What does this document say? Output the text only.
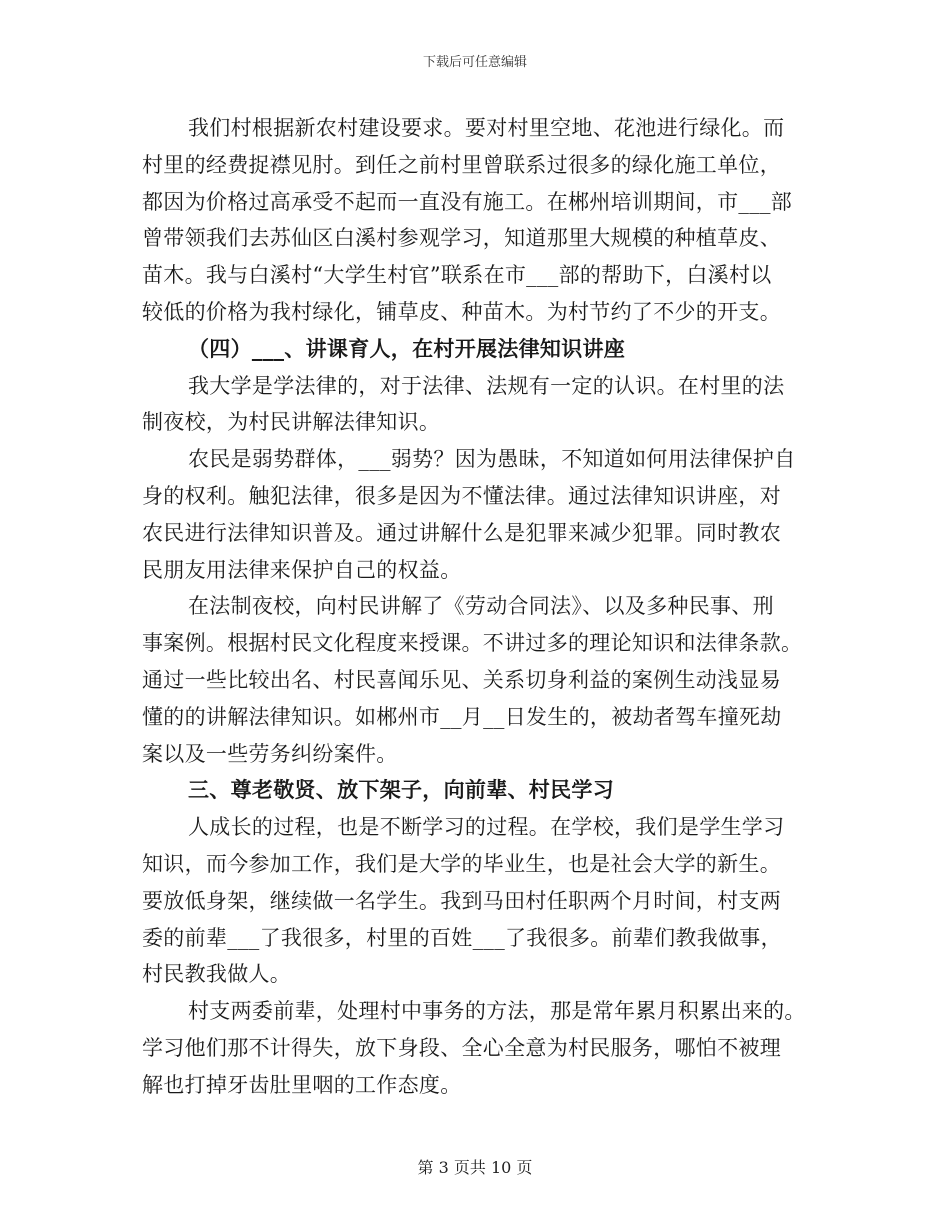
下载后可任意编辑
我们村根据新农村建设要求。要对村里空地、花池进行绿化。而
村里的经费捉襟见肘。到任之前村里曾联系过很多的绿化施工单位，
都因为价格过高承受不起而一直没有施工。在郴州培训期间，市___部
曾带领我们去苏仙区白溪村参观学习，知道那里大规模的种植草皮、
苗木。我与白溪村“大学生村官”联系在市___部的帮助下，白溪村以
较低的价格为我村绿化，铺草皮、种苗木。为村节约了不少的开支。
（四）___、讲课育人，在村开展法律知识讲座
我大学是学法律的，对于法律、法规有一定的认识。在村里的法
制夜校，为村民讲解法律知识。
农民是弱势群体，___弱势？因为愚昧，不知道如何用法律保护自
身的权利。触犯法律，很多是因为不懂法律。通过法律知识讲座，对
农民进行法律知识普及。通过讲解什么是犯罪来减少犯罪。同时教农
民朋友用法律来保护自己的权益。
在法制夜校，向村民讲解了《劳动合同法》、以及多种民事、刑
事案例。根据村民文化程度来授课。不讲过多的理论知识和法律条款。
通过一些比较出名、村民喜闻乐见、关系切身利益的案例生动浅显易
懂的的讲解法律知识。如郴州市__月__日发生的，被劫者驾车撞死劫
案以及一些劳务纠纷案件。
三、尊老敬贤、放下架子，向前辈、村民学习
人成长的过程，也是不断学习的过程。在学校，我们是学生学习
知识，而今参加工作，我们是大学的毕业生，也是社会大学的新生。
要放低身架，继续做一名学生。我到马田村任职两个月时间，村支两
委的前辈___了我很多，村里的百姓___了我很多。前辈们教我做事，
村民教我做人。
村支两委前辈，处理村中事务的方法，那是常年累月积累出来的。
学习他们那不计得失，放下身段、全心全意为村民服务，哪怕不被理
解也打掉牙齿肚里咽的工作态度。
第 3 页共 10 页
